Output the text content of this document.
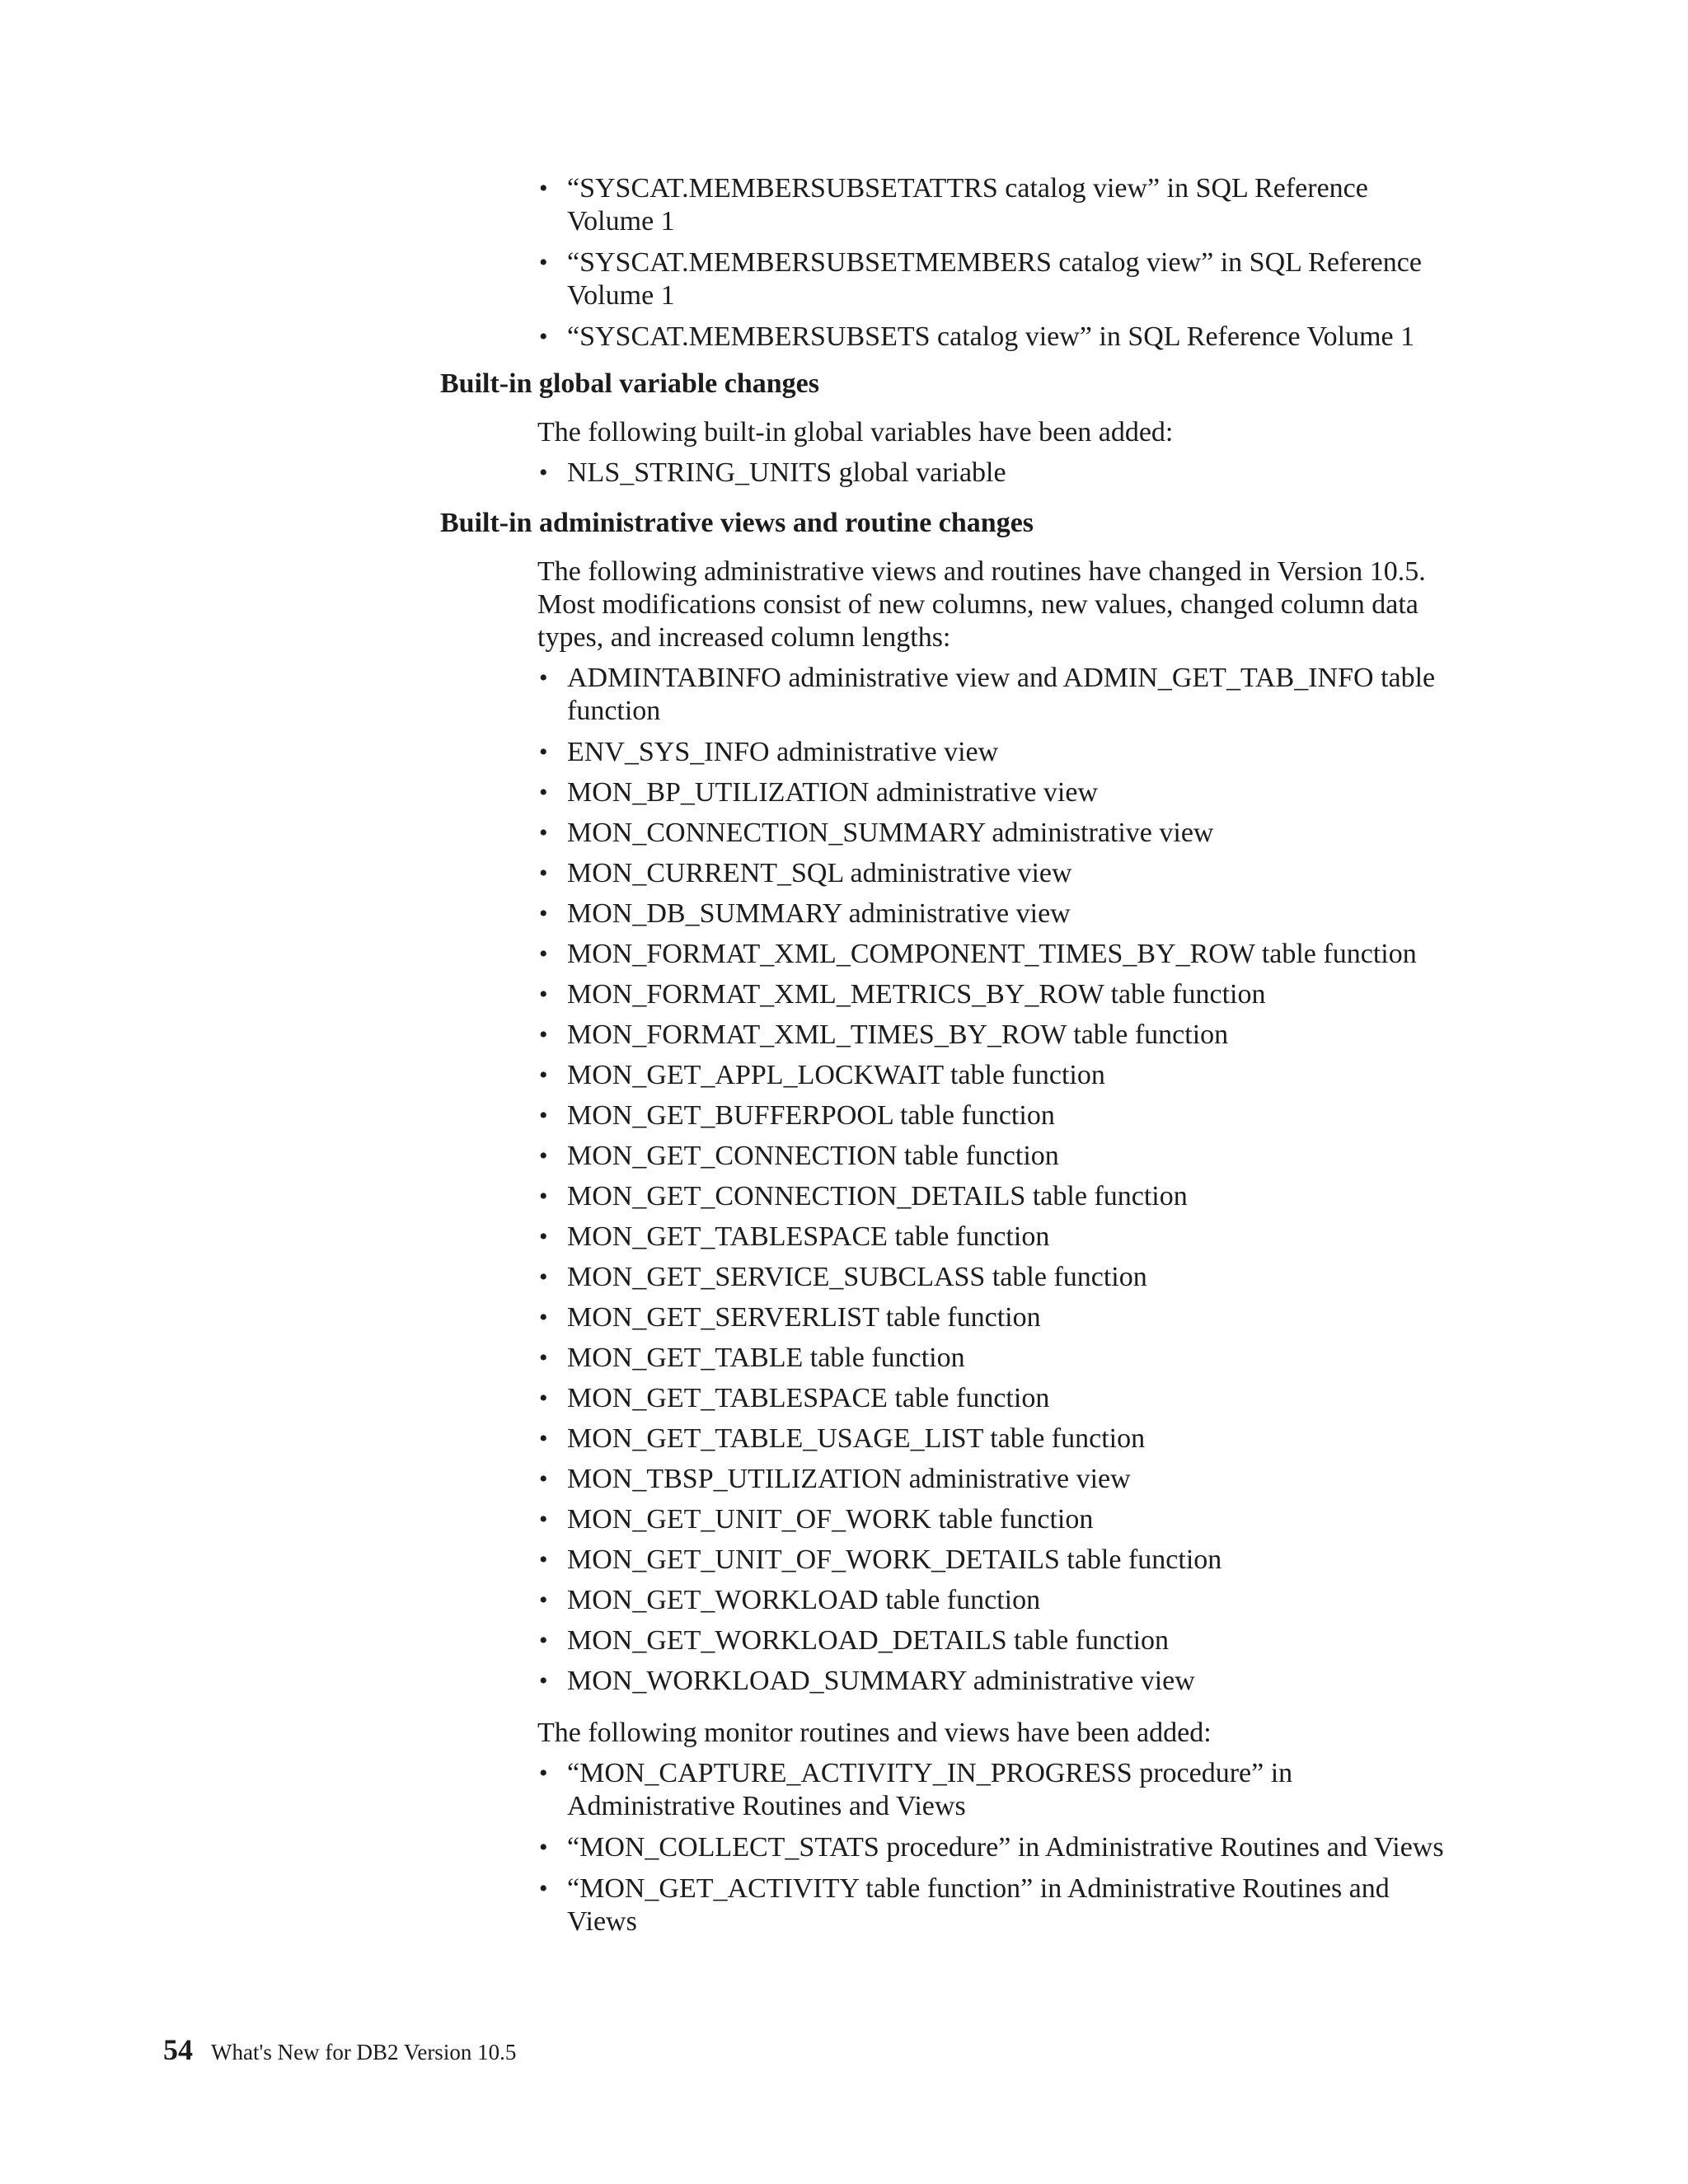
• “SYSCAT.MEMBERSUBSETATTRS catalog view” in SQL Reference Volume 1
• “SYSCAT.MEMBERSUBSETMEMBERS catalog view” in SQL Reference Volume 1
• “SYSCAT.MEMBERSUBSETS catalog view” in SQL Reference Volume 1
Built-in global variable changes

The following built-in global variables have been added:

• NLS_STRING_UNITS global variable
Built-in administrative views and routine changes

The following administrative views and routines have changed in Version 10.5. Most modifications consist of new columns, new values, changed column data types, and increased column lengths:

• ADMINTABINFO administrative view and ADMIN_GET_TAB_INFO table function
• ENV_SYS_INFO administrative view
• MON_BP_UTILIZATION administrative view
• MON_CONNECTION_SUMMARY administrative view
• MON_CURRENT_SQL administrative view
• MON_DB_SUMMARY administrative view
• MON_FORMAT_XML_COMPONENT_TIMES_BY_ROW table function
• MON_FORMAT_XML_METRICS_BY_ROW table function
• MON_FORMAT_XML_TIMES_BY_ROW table function
• MON_GET_APPL_LOCKWAIT table function
• MON_GET_BUFFERPOOL table function
• MON_GET_CONNECTION table function
• MON_GET_CONNECTION_DETAILS table function
• MON_GET_TABLESPACE table function
• MON_GET_SERVICE_SUBCLASS table function
• MON_GET_SERVERLIST table function
• MON_GET_TABLE table function
• MON_GET_TABLESPACE table function
• MON_GET_TABLE_USAGE_LIST table function
• MON_TBSP_UTILIZATION administrative view
• MON_GET_UNIT_OF_WORK table function
• MON_GET_UNIT_OF_WORK_DETAILS table function
• MON_GET_WORKLOAD table function
• MON_GET_WORKLOAD_DETAILS table function
• MON_WORKLOAD_SUMMARY administrative view

The following monitor routines and views have been added:

• “MON_CAPTURE_ACTIVITY_IN_PROGRESS procedure” in Administrative Routines and Views
• “MON_COLLECT_STATS procedure” in Administrative Routines and Views
• “MON_GET_ACTIVITY table function” in Administrative Routines and Views
54 What's New for DB2 Version 10.5
